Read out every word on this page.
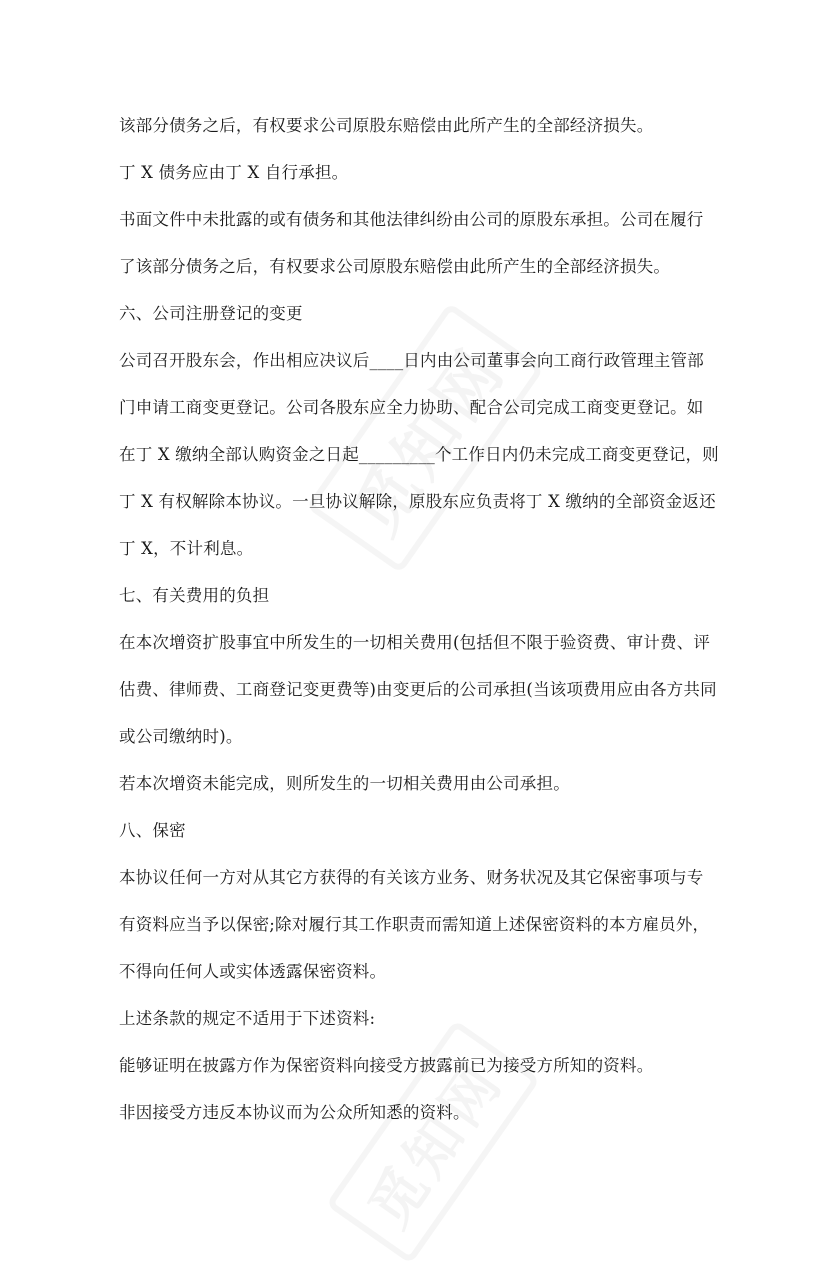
该部分债务之后，有权要求公司原股东赔偿由此所产生的全部经济损失。

丁 X 债务应由丁 X 自行承担。

书面文件中未批露的或有债务和其他法律纠纷由公司的原股东承担。公司在履行了该部分债务之后，有权要求公司原股东赔偿由此所产生的全部经济损失。

六、公司注册登记的变更

公司召开股东会，作出相应决议后____日内由公司董事会向工商行政管理主管部门申请工商变更登记。公司各股东应全力协助、配合公司完成工商变更登记。如在丁 X 缴纳全部认购资金之日起_________个工作日内仍未完成工商变更登记，则丁 X 有权解除本协议。一旦协议解除，原股东应负责将丁 X 缴纳的全部资金返还丁 X，不计利息。

七、有关费用的负担

在本次增资扩股事宜中所发生的一切相关费用(包括但不限于验资费、审计费、评估费、律师费、工商登记变更费等)由变更后的公司承担(当该项费用应由各方共同或公司缴纳时)。

若本次增资未能完成，则所发生的一切相关费用由公司承担。

八、保密

本协议任何一方对从其它方获得的有关该方业务、财务状况及其它保密事项与专有资料应当予以保密;除对履行其工作职责而需知道上述保密资料的本方雇员外，不得向任何人或实体透露保密资料。

上述条款的规定不适用于下述资料:

能够证明在披露方作为保密资料向接受方披露前已为接受方所知的资料。

非因接受方违反本协议而为公众所知悉的资料。
